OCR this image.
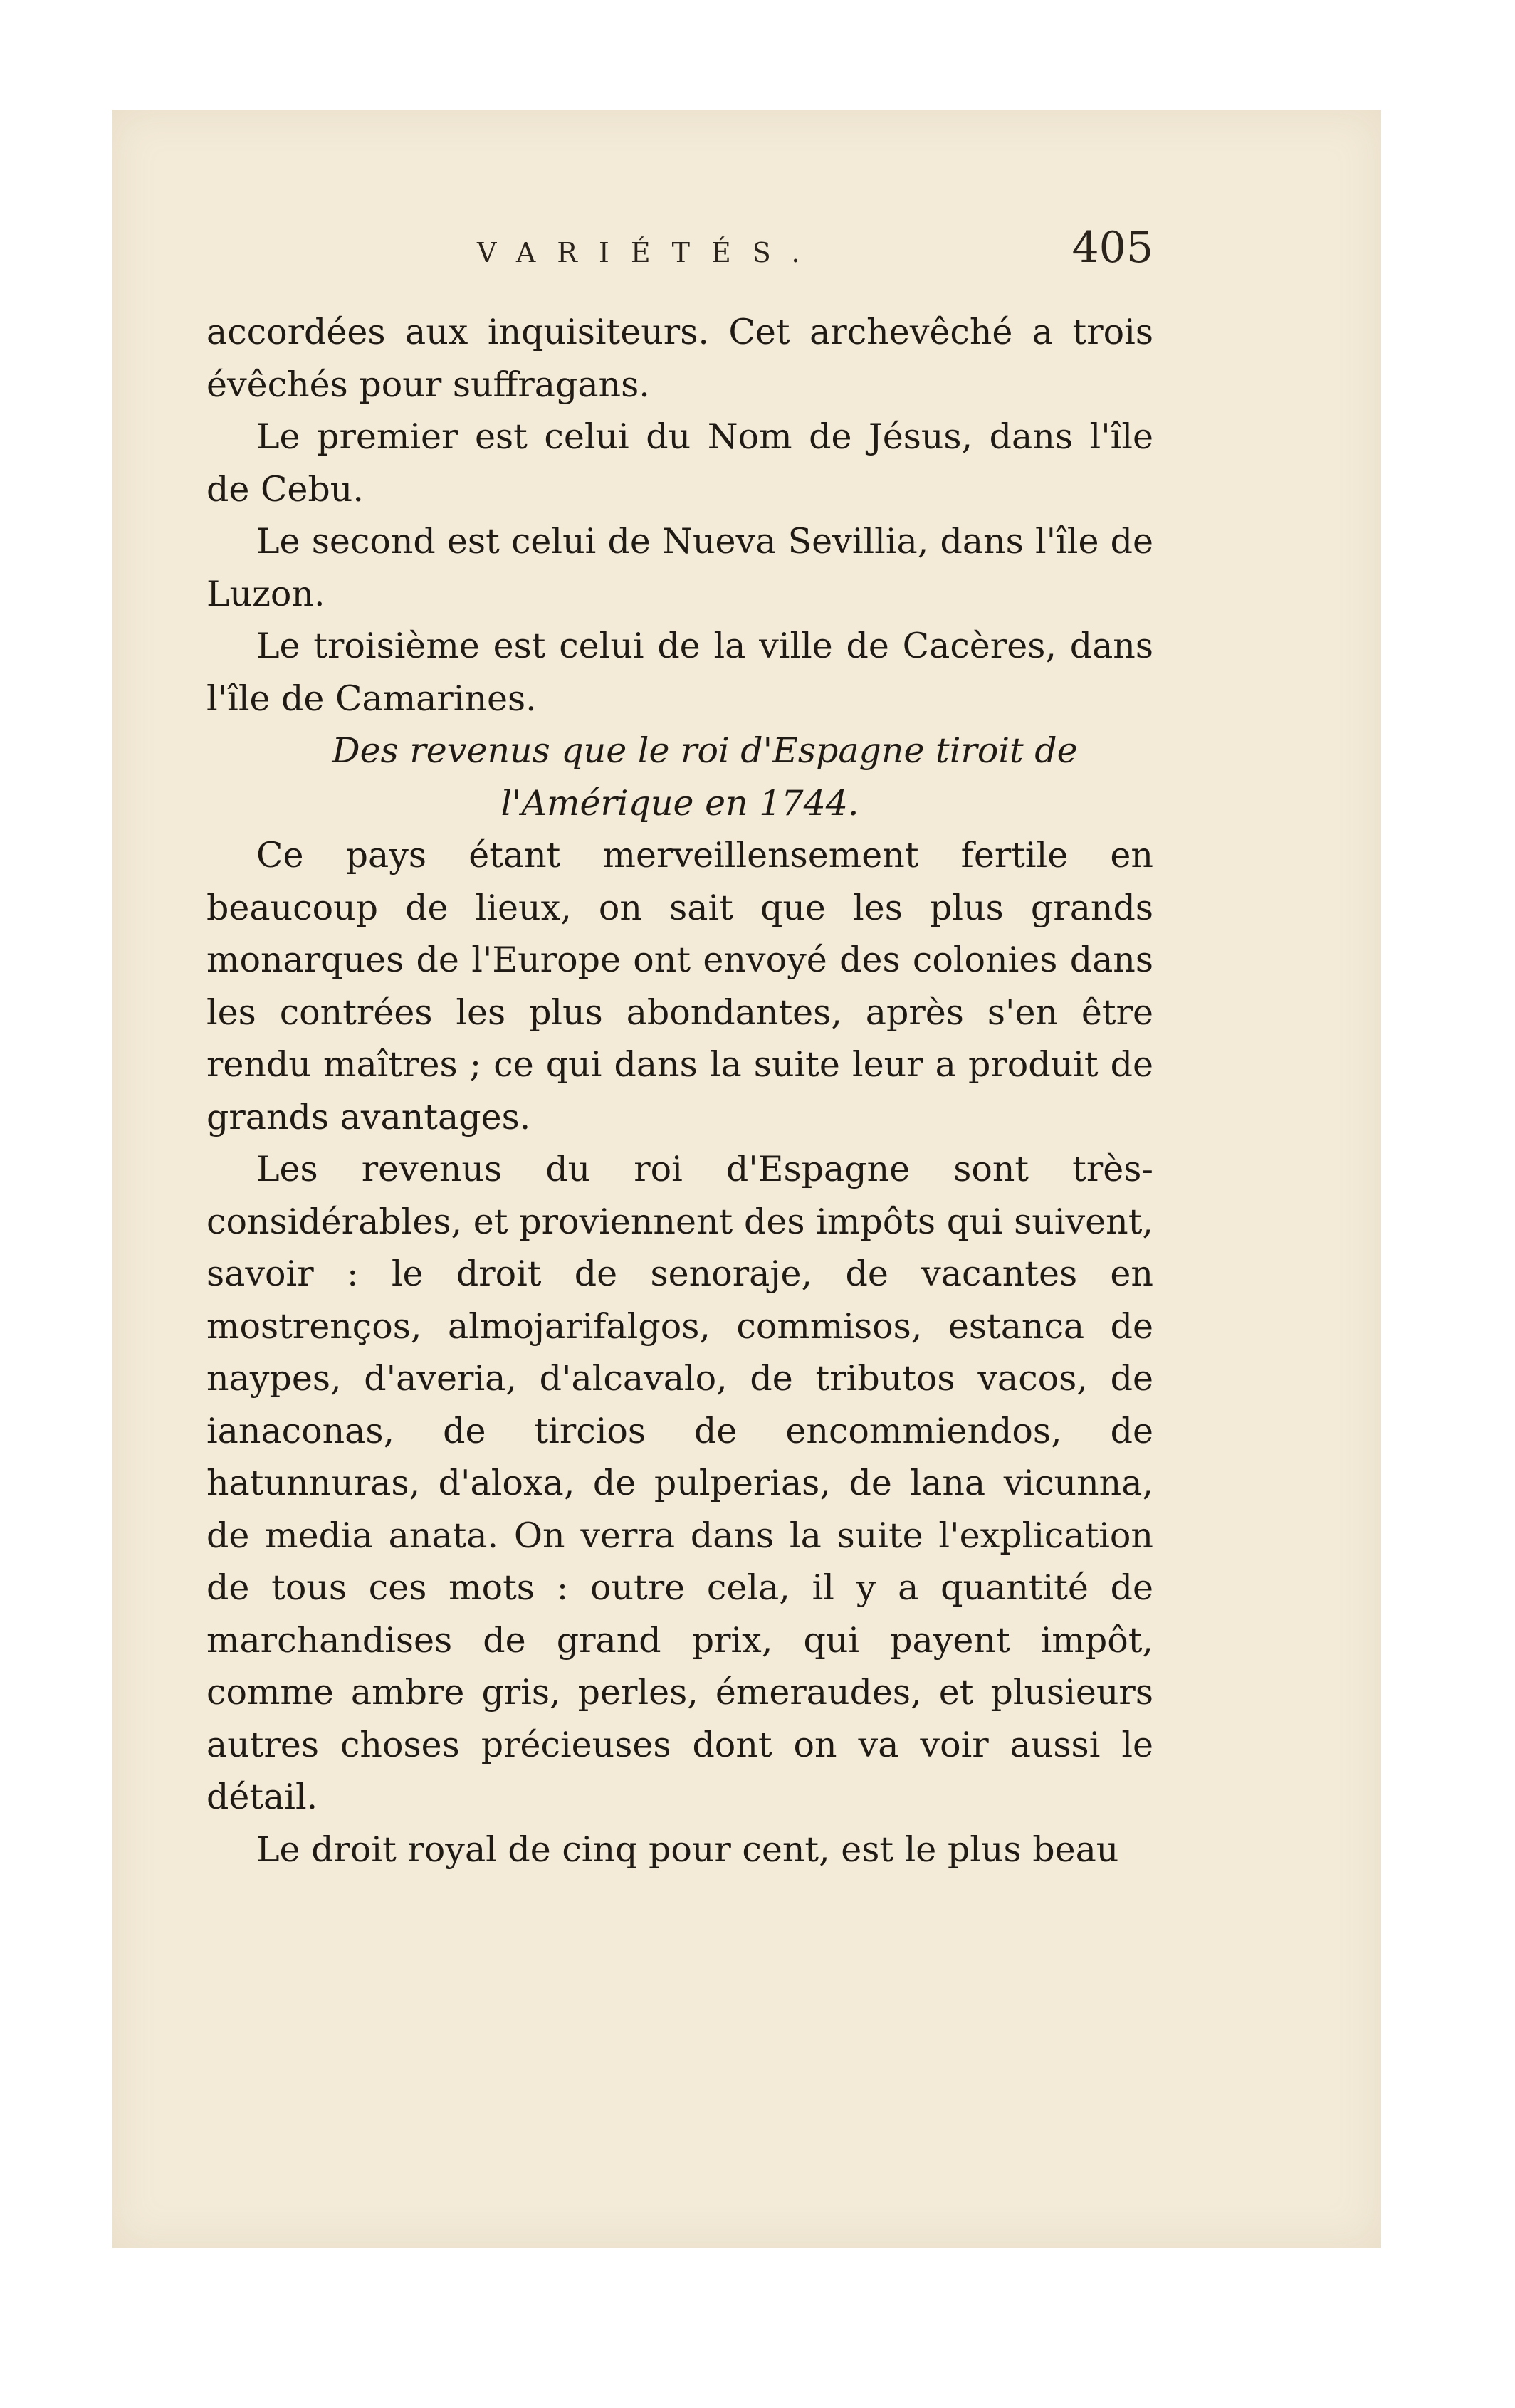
VARIÉTÉS.	405

accordées aux inquisiteurs. Cet archevêché a trois évêchés pour suffragans.

Le premier est celui du Nom de Jésus, dans l'île de Cebu.

Le second est celui de Nueva Sevillia, dans l'île de Luzon.

Le troisième est celui de la ville de Cacères, dans l'île de Camarines.

Des revenus que le roi d'Espagne tiroit de l'Amérique en 1744.

Ce pays étant merveillensement fertile en beaucoup de lieux, on sait que les plus grands monarques de l'Europe ont envoyé des colonies dans les contrées les plus abondantes, après s'en être rendu maîtres ; ce qui dans la suite leur a produit de grands avantages.

Les revenus du roi d'Espagne sont très-considérables, et proviennent des impôts qui suivent, savoir : le droit de senoraje, de vacantes en mostrenços, almojarifalgos, commisos, estanca de naypes, d'averia, d'alcavalo, de tributos vacos, de ianaconas, de tircios de encommiendos, de hatunnuras, d'aloxa, de pulperias, de lana vicunna, de media anata. On verra dans la suite l'explication de tous ces mots : outre cela, il y a quantité de marchandises de grand prix, qui payent impôt, comme ambre gris, perles, émeraudes, et plusieurs autres choses précieuses dont on va voir aussi le détail.

Le droit royal de cinq pour cent, est le plus beau
